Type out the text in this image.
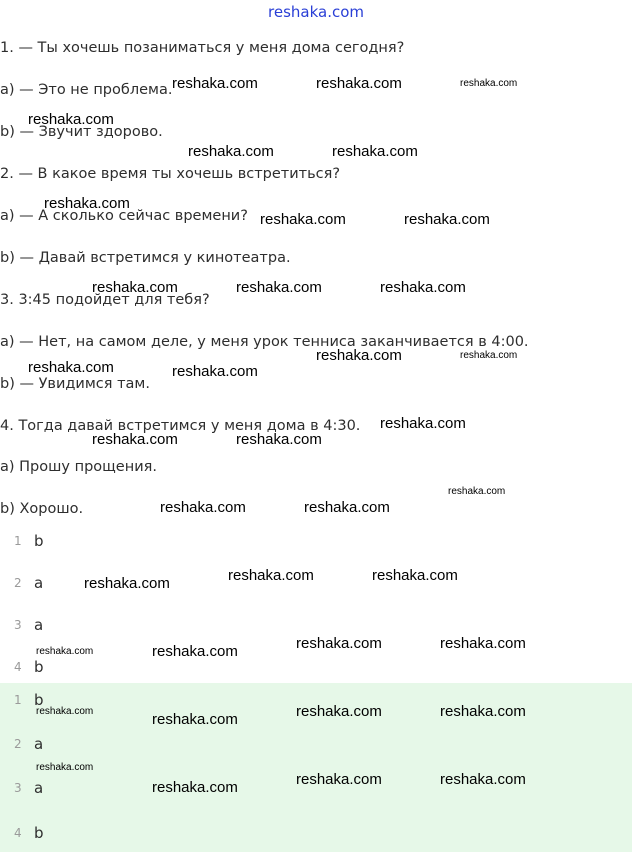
reshaka.com
1. — Ты хочешь позаниматься у меня дома сегодня?
a) — Это не проблема.
b) — Звучит здорово.
2. — В какое время ты хочешь встретиться?
a) — А сколько сейчас времени?
b) — Давай встретимся у кинотеатра.
3. 3:45 подойдет для тебя?
a) — Нет, на самом деле, у меня урок тенниса заканчивается в 4:00.
b) — Увидимся там.
4. Тогда давай встретимся у меня дома в 4:30.
a) Прошу прощения.
b) Хорошо.
1 b
2 a
3 a
4 b
1 b
2 a
3 a
4 b
reshaka.com	reshaka.com	reshaka.com
reshaka.com
reshaka.com	reshaka.com
reshaka.com
reshaka.com	reshaka.com
reshaka.com	reshaka.com	reshaka.com
reshaka.com	reshaka.com
reshaka.com	reshaka.com
reshaka.com
reshaka.com	reshaka.com
reshaka.com
reshaka.com	reshaka.com
reshaka.com	reshaka.com
reshaka.com
reshaka.com	reshaka.com
reshaka.com	reshaka.com
reshaka.com	reshaka.com
reshaka.com	reshaka.com
reshaka.com
reshaka.com	reshaka.com
reshaka.com
